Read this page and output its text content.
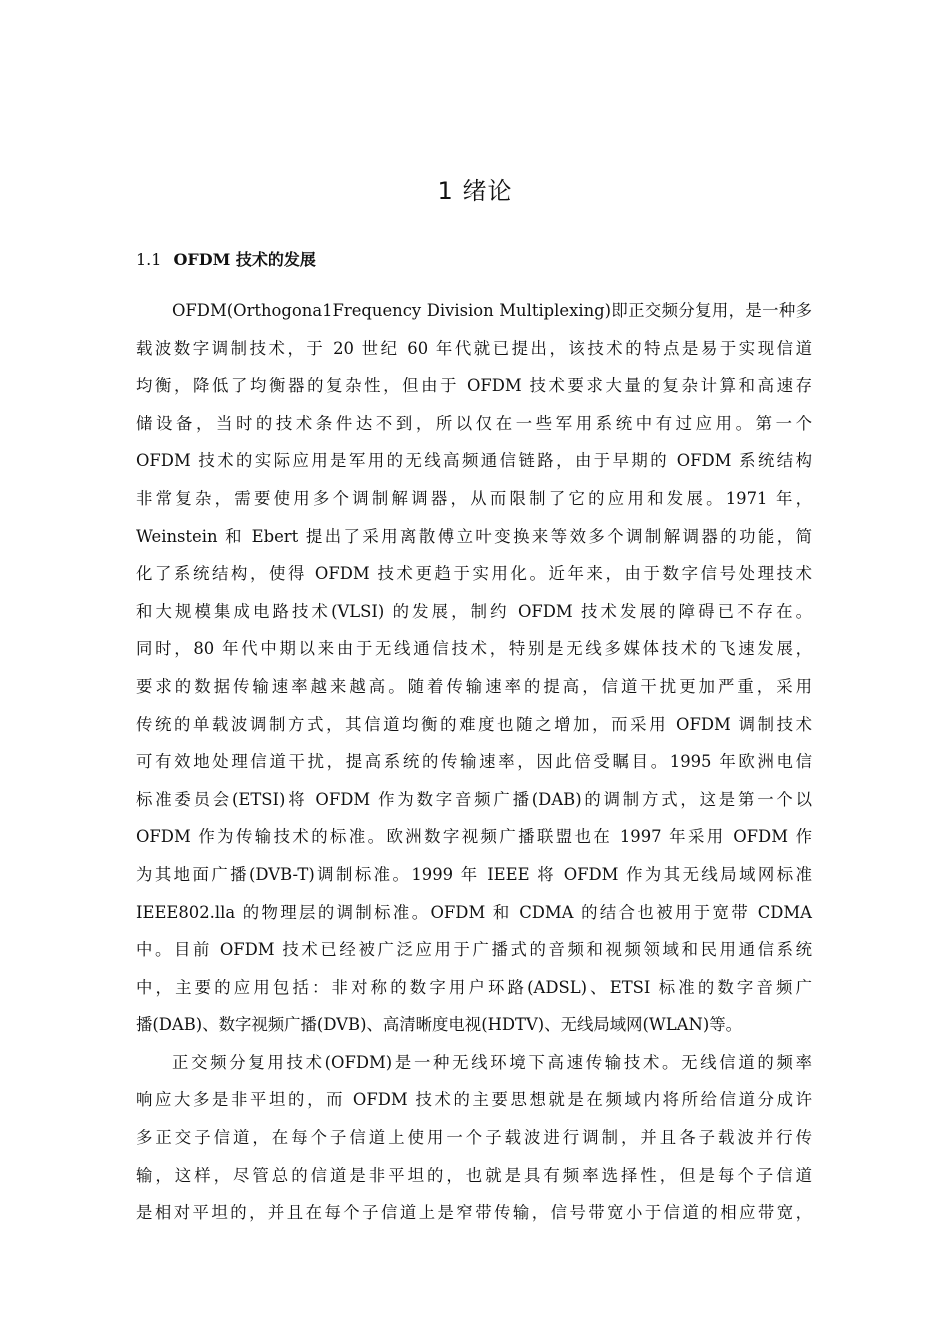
1 绪论
1.1 OFDM 技术的发展
OFDM(Orthogona1Frequency Division Multiplexing)即正交频分复用，是一种多
载波数字调制技术，于 20 世纪 60 年代就已提出，该技术的特点是易于实现信道
均衡，降低了均衡器的复杂性，但由于 OFDM 技术要求大量的复杂计算和高速存
储设备，当时的技术条件达不到，所以仅在一些军用系统中有过应用。第一个
OFDM 技术的实际应用是军用的无线高频通信链路，由于早期的 OFDM 系统结构
非常复杂，需要使用多个调制解调器，从而限制了它的应用和发展。1971 年，
Weinstein 和 Ebert 提出了采用离散傅立叶变换来等效多个调制解调器的功能，简
化了系统结构，使得 OFDM 技术更趋于实用化。近年来，由于数字信号处理技术
和大规模集成电路技术(VLSI) 的发展，制约 OFDM 技术发展的障碍已不存在。
同时，80 年代中期以来由于无线通信技术，特别是无线多媒体技术的飞速发展，
要求的数据传输速率越来越高。随着传输速率的提高，信道干扰更加严重，采用
传统的单载波调制方式，其信道均衡的难度也随之增加，而采用 OFDM 调制技术
可有效地处理信道干扰，提高系统的传输速率，因此倍受瞩目。1995 年欧洲电信
标准委员会(ETSI)将 OFDM 作为数字音频广播(DAB)的调制方式，这是第一个以
OFDM 作为传输技术的标准。欧洲数字视频广播联盟也在 1997 年采用 OFDM 作
为其地面广播(DVB-T)调制标准。1999 年 IEEE 将 OFDM 作为其无线局域网标准
IEEE802.lla 的物理层的调制标准。OFDM 和 CDMA 的结合也被用于宽带 CDMA
中。目前 OFDM 技术已经被广泛应用于广播式的音频和视频领域和民用通信系统
中，主要的应用包括：非对称的数字用户环路(ADSL)、ETSI 标准的数字音频广
播(DAB)、数字视频广播(DVB)、高清晰度电视(HDTV)、无线局域网(WLAN)等。
正交频分复用技术(OFDM)是一种无线环境下高速传输技术。无线信道的频率
响应大多是非平坦的，而 OFDM 技术的主要思想就是在频域内将所给信道分成许
多正交子信道，在每个子信道上使用一个子载波进行调制，并且各子载波并行传
输，这样，尽管总的信道是非平坦的，也就是具有频率选择性，但是每个子信道
是相对平坦的，并且在每个子信道上是窄带传输，信号带宽小于信道的相应带宽，
